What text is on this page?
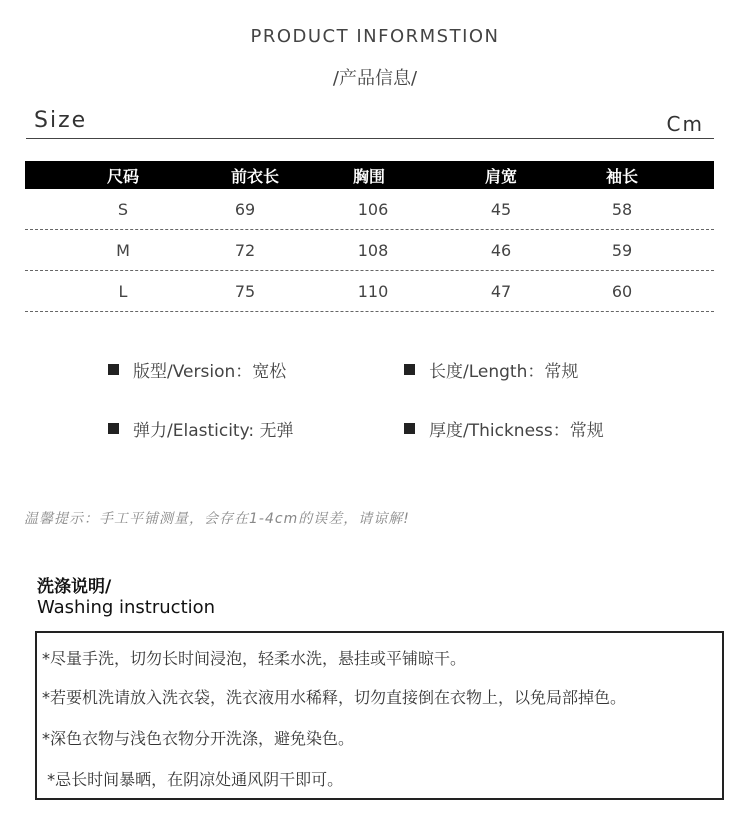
PRODUCT INFORMSTION
/产品信息/
Size	Cm
尺码	前衣长	胸围	肩宽	袖长
S	69	106	45	58
M	72	108	46	59
L	75	110	47	60
版型/Version：宽松	长度/Length：常规
弹力/Elasticity: 无弹	厚度/Thickness：常规
温馨提示：手工平铺测量，会存在1-4cm的误差，请谅解!
洗涤说明/
Washing instruction
*尽量手洗，切勿长时间浸泡，轻柔水洗，悬挂或平铺晾干。
*若要机洗请放入洗衣袋，洗衣液用水稀释，切勿直接倒在衣物上，以免局部掉色。
*深色衣物与浅色衣物分开洗涤，避免染色。
*忌长时间暴晒，在阴凉处通风阴干即可。
